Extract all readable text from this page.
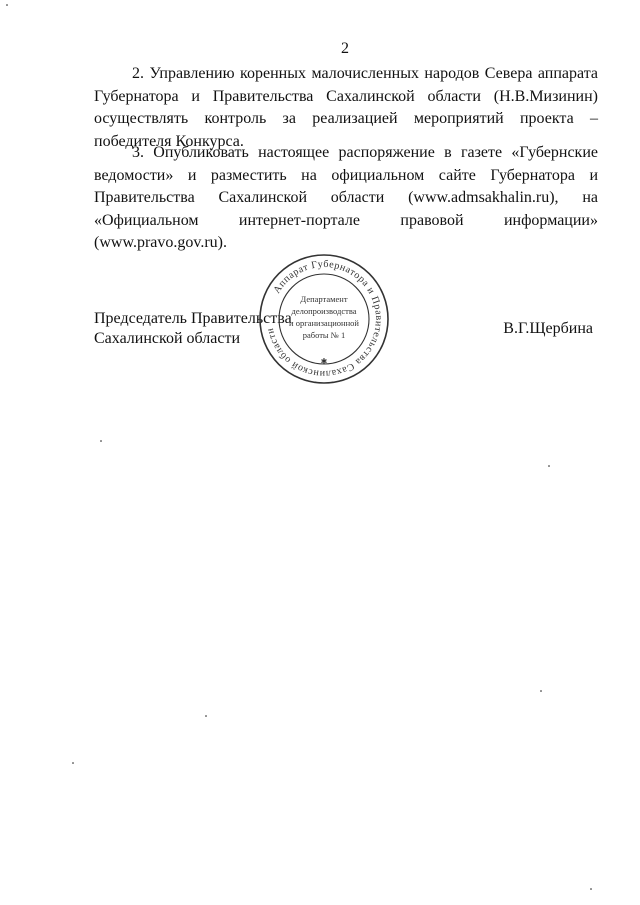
2

2. Управлению коренных малочисленных народов Севера аппарата Губернатора и Правительства Сахалинской области (Н.В.Мизинин) осуществлять контроль за реализацией мероприятий проекта – победителя Конкурса.

3. Опубликовать настоящее распоряжение в газете «Губернские ведомости» и разместить на официальном сайте Губернатора и Правительства Сахалинской области (www.admsakhalin.ru), на «Официальном интернет-портале правовой информации» (www.pravo.gov.ru).

Председатель Правительства
Сахалинской области
В.Г.Щербина
Аппарат Губернатора и Правительства Сахалинской области
✱
Департамент
делопроизводства
и организационной
работы № 1
